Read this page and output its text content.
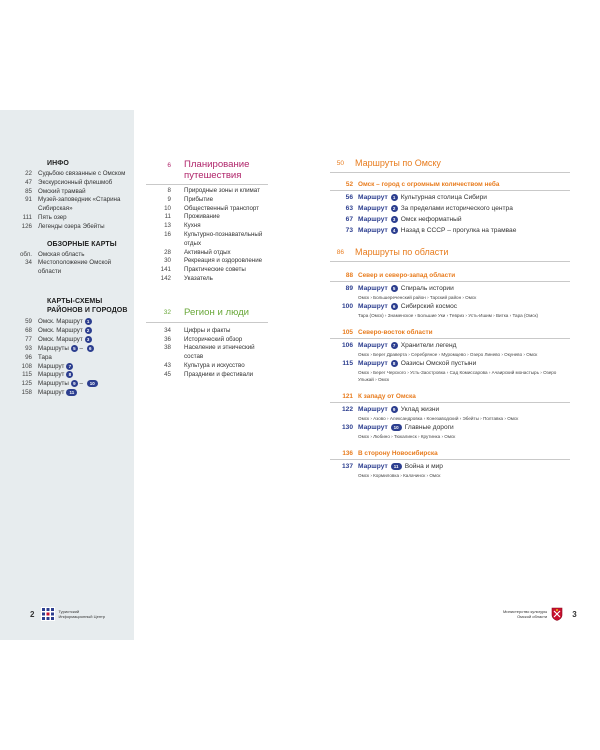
ИНФО
22 Судьбою связанные с Омском
47 Экскурсионный флешмоб
85 Омский трамвай
91 Музей-заповедник «Старина Сибирская»
111 Пять озер
126 Легенды озера Эбейты
ОБЗОРНЫЕ КАРТЫ
обл. Омская область
34 Местоположение Омской области
КАРТЫ-СХЕМЫ
РАЙОНОВ И ГОРОДОВ
59 Омск. Маршрут 1
68 Омск. Маршрут 2
77 Омск. Маршрут 3
93 Маршруты 5 – 6
96 Тара
108 Маршрут 7
115 Маршрут 8
125 Маршруты 9 – 10
158 Маршрут 11
6	Планирование
путешествия
8	Природные зоны и климат
9	Прибытие
10	Общественный транспорт
11	Проживание
13	Кухня
16	Культурно-познавательный отдых
28	Активный отдых
30	Рекреация и оздоровление
141	Практические советы
142	Указатель
32	Регион и люди
34	Цифры и факты
36	Исторический обзор
38	Население и этнический состав
43	Культура и искусство
45	Праздники и фестивали
50	Маршруты по Омску
52 Омск – город с огромным количеством неба
56 Маршрут	1 Культурная столица Сибири
63 Маршрут	2 За пределами исторического центра
67 Маршрут	3 Омск неформатный
73 Маршрут	4 Назад в СССР – прогулка на трамвае
86	Маршруты по области
88 Север и северо-запад области
89 Маршрут	5 Спираль истории
Омск › Большереченский район › Тарский район › Омск
100 Маршрут	6 Сибирский космос
Тара (Омск) › Знаменское › Большие Уки › Тевриз › Усть-Ишим › Витка › Тара (Омск)
105 Северо-восток области
106 Маршрут	7 Хранители легенд
Омск › Берег Драверта › Серебряное › Муромцево › Озеро Линево › Окунево › Омск
115 Маршрут	8 Оазисы Омской пустыни
Омск › Берег Черского › Усть-Заостровка › Сад Комиссарова › Ачаирский монастырь › Озеро Ульжай › Омск
121 К западу от Омска
122 Маршрут	9 Уклад жизни
Омск › Азово › Александровка › Конезаводский › Эбейты › Полтавка › Омск
130 Маршрут	10 Главные дороги
Омск › Любино › Тюкалинск › Крутинка › Омск
136 В сторону Новосибирска
137 Маршрут	11 Война и мир
Омск › Кормиловка › Калачинск › Омск
2	Туристский
Информационный Центр
Министерство культуры
Омской области	3
